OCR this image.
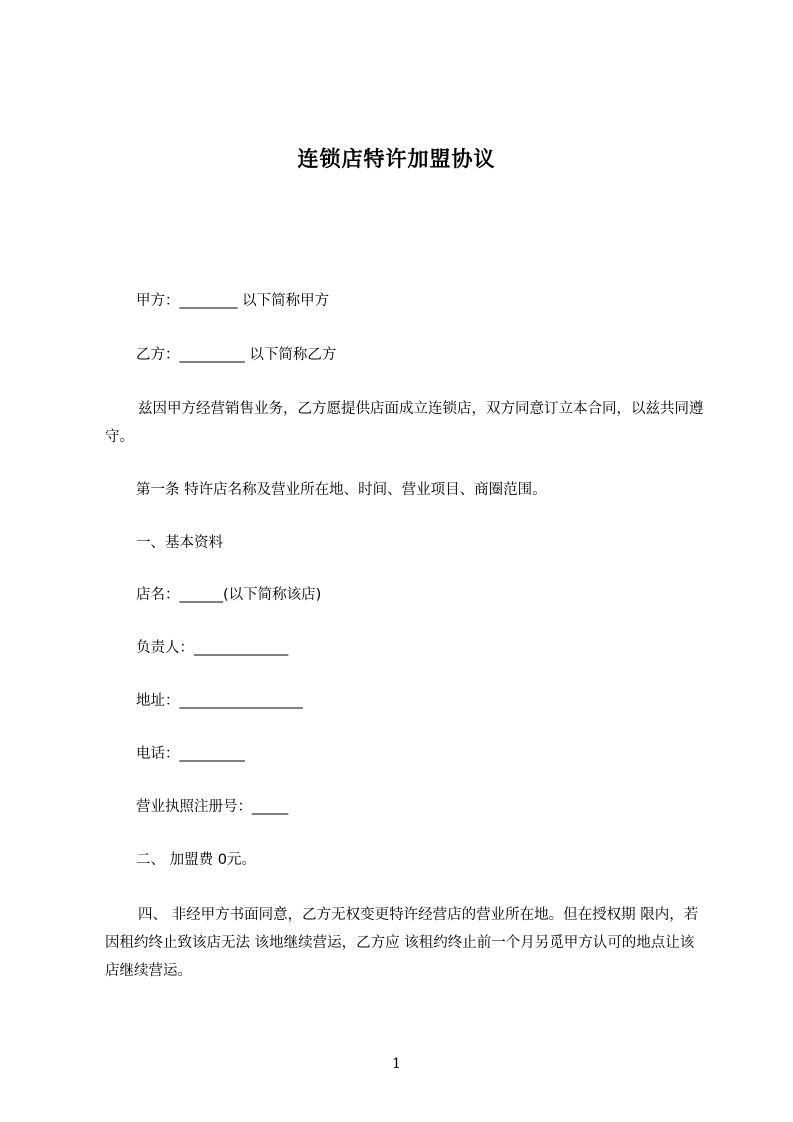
连锁店特许加盟协议
甲方：________ 以下简称甲方
乙方：_________ 以下简称乙方
兹因甲方经营销售业务，乙方愿提供店面成立连锁店，双方同意订立本合同，以兹共同遵守。
第一条 特许店名称及营业所在地、时间、营业项目、商圈范围。
一、基本资料
店名：______(以下简称该店)
负责人：_____________
地址：_________________
电话：_________
营业执照注册号：_____
二、 加盟费 0元。
四、 非经甲方书面同意，乙方无权变更特许经营店的营业所在地。但在授权期 限内，若因租约终止致该店无法 该地继续营运，乙方应 该租约终止前一个月另觅甲方认可的地点让该店继续营运。
1
